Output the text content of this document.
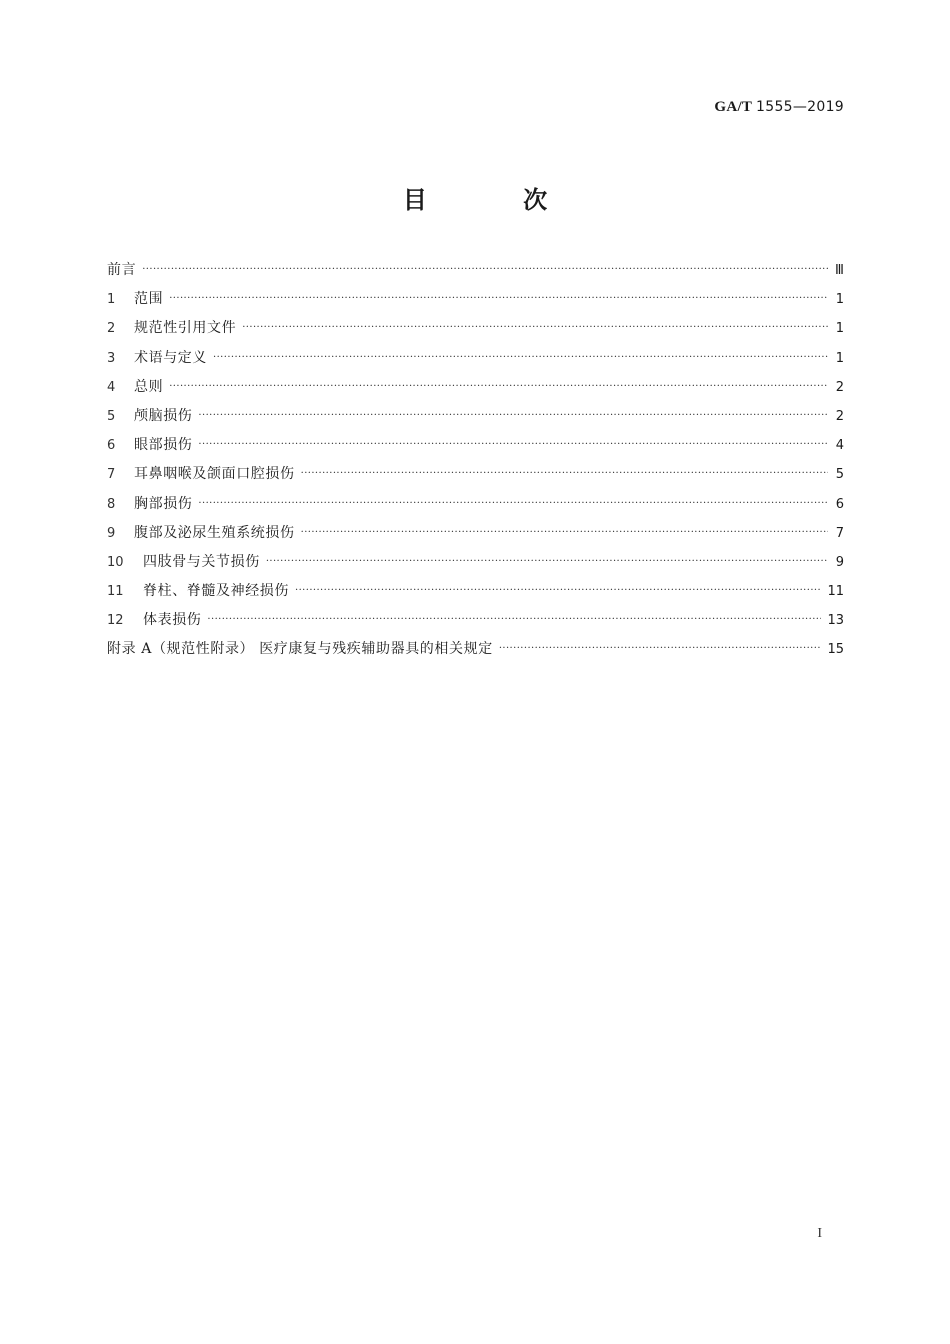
GA/T 1555—2019
目 次
前言 ·····	Ⅲ
1	范围 ·····	1
2	规范性引用文件 ·····	1
3	术语与定义 ·····	1
4	总则 ·····	2
5	颅脑损伤 ·····	2
6	眼部损伤 ·····	4
7	耳鼻咽喉及颌面口腔损伤 ·····	5
8	胸部损伤 ·····	6
9	腹部及泌尿生殖系统损伤 ·····	7
10	四肢骨与关节损伤 ·····	9
11	脊柱、脊髓及神经损伤 ·····	11
12	体表损伤 ·····	13
附录 A（规范性附录） 医疗康复与残疾辅助器具的相关规定 ·····	15
I
